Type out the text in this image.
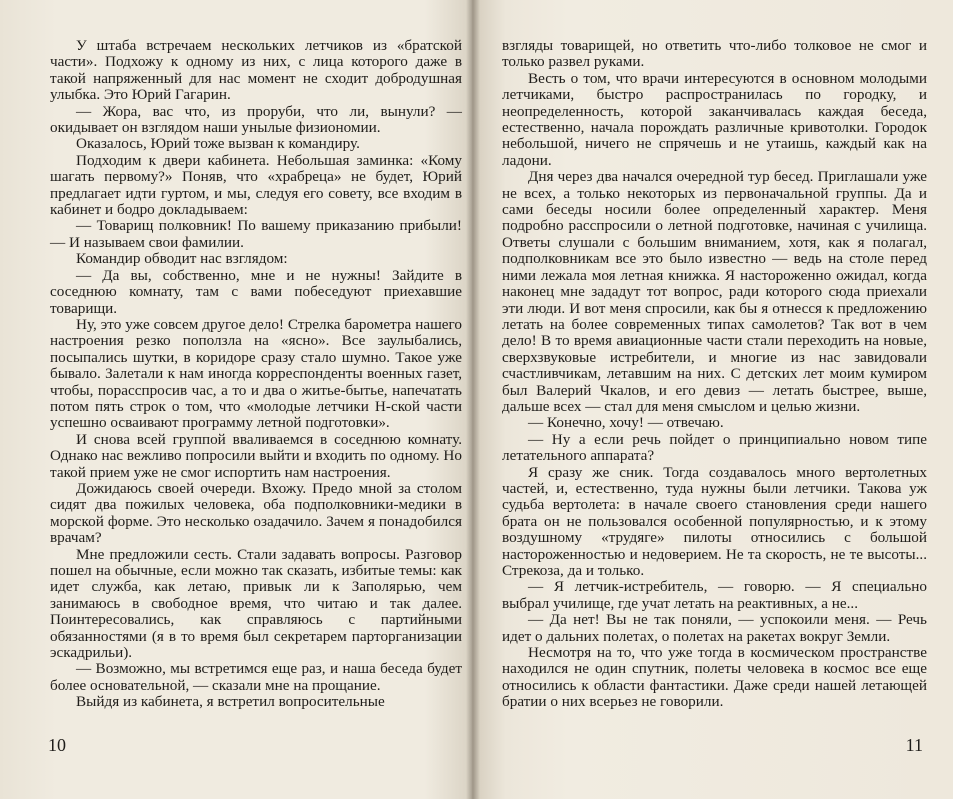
У штаба встречаем нескольких летчиков из «братской части». Подхожу к одному из них, с лица которого даже в такой напряженный для нас момент не сходит добродушная улыбка. Это Юрий Гагарин.

— Жора, вас что, из проруби, что ли, вынули? — окидывает он взглядом наши унылые физиономии.

Оказалось, Юрий тоже вызван к командиру.

Подходим к двери кабинета. Небольшая заминка: «Кому шагать первому?» Поняв, что «храбреца» не будет, Юрий предлагает идти гуртом, и мы, следуя его совету, все входим в кабинет и бодро докладываем:

— Товарищ полковник! По вашему приказанию прибыли! — И называем свои фамилии.

Командир обводит нас взглядом:

— Да вы, собственно, мне и не нужны! Зайдите в соседнюю комнату, там с вами побеседуют приехавшие товарищи.

Ну, это уже совсем другое дело! Стрелка барометра нашего настроения резко поползла на «ясно». Все заулыбались, посыпались шутки, в коридоре сразу стало шумно. Такое уже бывало. Залетали к нам иногда корреспонденты военных газет, чтобы, порасспросив час, а то и два о житье-бытье, напечатать потом пять строк о том, что «молодые летчики Н-ской части успешно осваивают программу летной подготовки».

И снова всей группой вваливаемся в соседнюю комнату. Однако нас вежливо попросили выйти и входить по одному. Но такой прием уже не смог испортить нам настроения.

Дожидаюсь своей очереди. Вхожу. Предо мной за столом сидят два пожилых человека, оба подполковники-медики в морской форме. Это несколько озадачило. Зачем я понадобился врачам?

Мне предложили сесть. Стали задавать вопросы. Разговор пошел на обычные, если можно так сказать, избитые темы: как идет служба, как летаю, привык ли к Заполярью, чем занимаюсь в свободное время, что читаю и так далее. Поинтересовались, как справляюсь с партийными обязанностями (я в то время был секретарем парторганизации эскадрильи).

— Возможно, мы встретимся еще раз, и наша беседа будет более основательной, — сказали мне на прощание.

Выйдя из кабинета, я встретил вопросительные

10

взгляды товарищей, но ответить что-либо толковое не смог и только развел руками.

Весть о том, что врачи интересуются в основном молодыми летчиками, быстро распространилась по городку, и неопределенность, которой заканчивалась каждая беседа, естественно, начала порождать различные кривотолки. Городок небольшой, ничего не спрячешь и не утаишь, каждый как на ладони.

Дня через два начался очередной тур бесед. Приглашали уже не всех, а только некоторых из первоначальной группы. Да и сами беседы носили более определенный характер. Меня подробно расспросили о летной подготовке, начиная с училища. Ответы слушали с большим вниманием, хотя, как я полагал, подполковникам все это было известно — ведь на столе перед ними лежала моя летная книжка. Я настороженно ожидал, когда наконец мне зададут тот вопрос, ради которого сюда приехали эти люди. И вот меня спросили, как бы я отнесся к предложению летать на более современных типах самолетов? Так вот в чем дело! В то время авиационные части стали переходить на новые, сверхзвуковые истребители, и многие из нас завидовали счастливчикам, летавшим на них. С детских лет моим кумиром был Валерий Чкалов, и его девиз — летать быстрее, выше, дальше всех — стал для меня смыслом и целью жизни.

— Конечно, хочу! — отвечаю.

— Ну а если речь пойдет о принципиально новом типе летательного аппарата?

Я сразу же сник. Тогда создавалось много вертолетных частей, и, естественно, туда нужны были летчики. Такова уж судьба вертолета: в начале своего становления среди нашего брата он не пользовался особенной популярностью, и к этому воздушному «трудяге» пилоты относились с большой настороженностью и недоверием. Не та скорость, не те высоты... Стрекоза, да и только.

— Я летчик-истребитель, — говорю. — Я специально выбрал училище, где учат летать на реактивных, а не...

— Да нет! Вы не так поняли, — успокоили меня. — Речь идет о дальних полетах, о полетах на ракетах вокруг Земли.

Несмотря на то, что уже тогда в космическом пространстве находился не один спутник, полеты человека в космос все еще относились к области фантастики. Даже среди нашей летающей братии о них всерьез не говорили.

11
